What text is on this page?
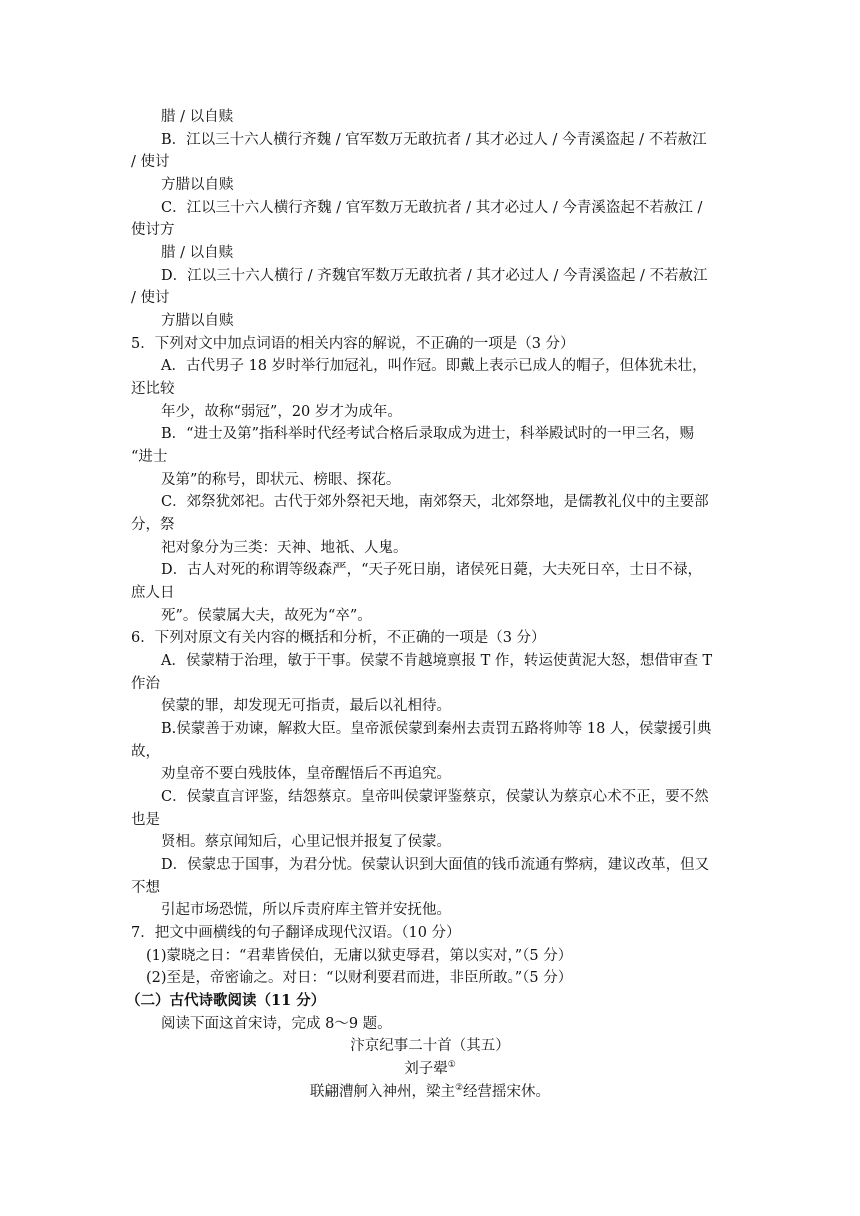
腊 / 以自赎
B．江以三十六人横行齐魏 / 官军数万无敢抗者 / 其才必过人 / 今青溪盗起 / 不若赦江
/ 使讨
方腊以自赎
C．江以三十六人横行齐魏 / 官军数万无敢抗者 / 其才必过人 / 今青溪盗起不若赦江 /
使讨方
腊 / 以自赎
D．江以三十六人横行 / 齐魏官军数万无敢抗者 / 其才必过人 / 今青溪盗起 / 不若赦江
/ 使讨
方腊以自赎
5．下列对文中加点词语的相关内容的解说，不正确的一项是（3 分）
A．古代男子 18 岁时举行加冠礼，叫作冠。即戴上表示已成人的帽子，但体犹未壮，
还比较
年少，故称“弱冠”，20 岁才为成年。
B．“进士及第”指科举时代经考试合格后录取成为进士，科举殿试时的一甲三名，赐
“进士
及第”的称号，即状元、榜眼、探花。
C．郊祭犹郊祀。古代于郊外祭祀天地，南郊祭天，北郊祭地，是儒教礼仪中的主要部
分，祭
祀对象分为三类：天神、地祇、人鬼。
D．古人对死的称谓等级森严，“天子死日崩，诸侯死日薨，大夫死日卒，士日不禄，
庶人日
死”。侯蒙属大夫，故死为“卒”。
6．下列对原文有关内容的概括和分析，不正确的一项是（3 分）
A．侯蒙精于治理，敏于干事。侯蒙不肯越境禀报 T 作，转运使黄泥大怒，想借审查 T
作治
侯蒙的罪，却发现无可指责，最后以礼相待。
B.侯蒙善于劝谏，解救大臣。皇帝派侯蒙到秦州去责罚五路将帅等 18 人，侯蒙援引典
故，
劝皇帝不要白残肢体，皇帝醒悟后不再追究。
C．侯蒙直言评鉴，结怨蔡京。皇帝叫侯蒙评鉴蔡京，侯蒙认为蔡京心术不正，要不然
也是
贤相。蔡京闻知后，心里记恨并报复了侯蒙。
D．侯蒙忠于国事，为君分忧。侯蒙认识到大面值的钱币流通有弊病，建议改革，但又
不想
引起市场恐慌，所以斥责府库主管并安抚他。
7．把文中画横线的句子翻译成现代汉语。（10 分）
(1)蒙晓之日：“君辈皆侯伯，无庸以狱吏辱君，第以实对，”（5 分）
(2)至是，帝密谕之。对日：“以财利要君而进，非臣所敢。”（5 分）
（二）古代诗歌阅读（11 分）
阅读下面这首宋诗，完成 8～9 题。
汴京纪事二十首（其五）
刘子翚①
联翩漕舸入神州，梁主②经营摇宋休。
